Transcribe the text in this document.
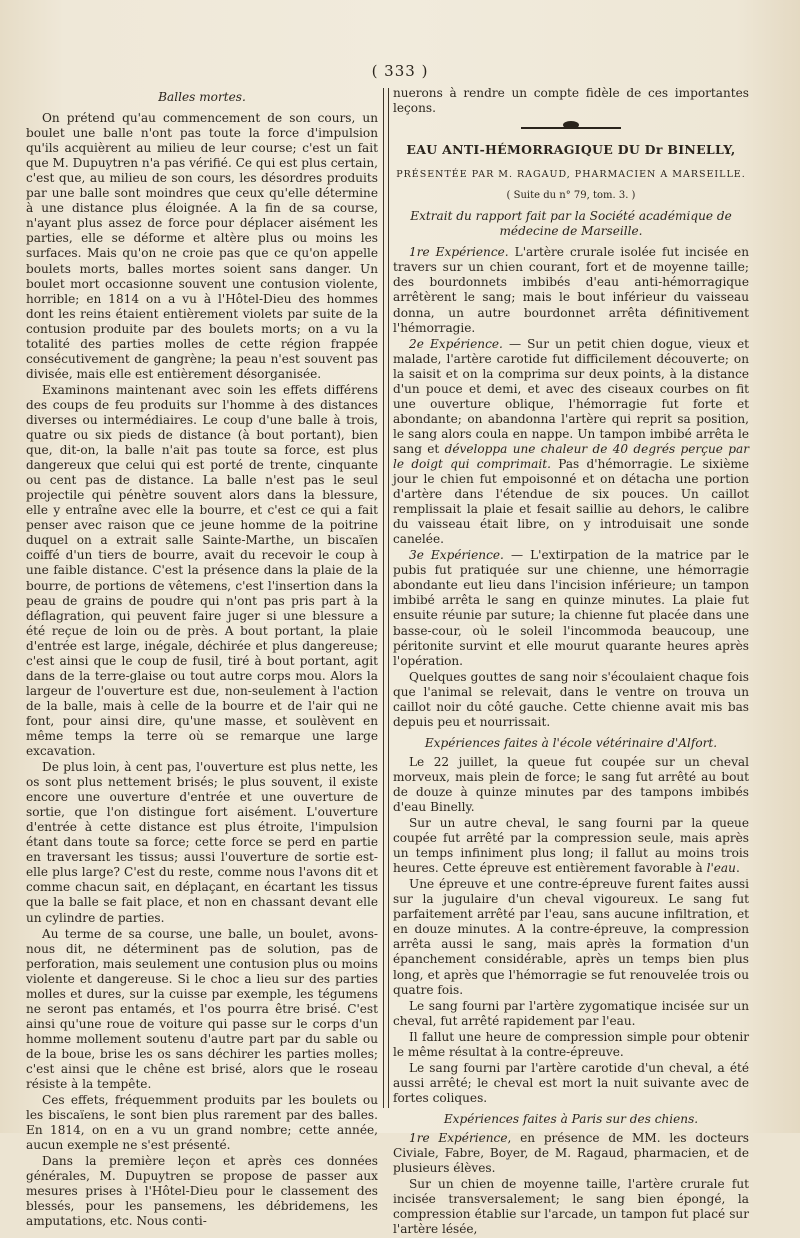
( 333 )
Balles mortes.

On prétend qu'au commencement de son cours, un boulet une balle n'ont pas toute la force d'impulsion qu'ils acquièrent au milieu de leur course; c'est un fait que M. Dupuytren n'a pas vérifié. Ce qui est plus certain, c'est que, au milieu de son cours, les désordres produits par une balle sont moindres que ceux qu'elle détermine à une distance plus éloignée. A la fin de sa course, n'ayant plus assez de force pour déplacer aisément les parties, elle se déforme et altère plus ou moins les surfaces. Mais qu'on ne croie pas que ce qu'on appelle boulets morts, balles mortes soient sans danger. Un boulet mort occasionne souvent une contusion violente, horrible; en 1814 on a vu à l'Hôtel-Dieu des hommes dont les reins étaient entièrement violets par suite de la contusion produite par des boulets morts; on a vu la totalité des parties molles de cette région frappée consécutivement de gangrène; la peau n'est souvent pas divisée, mais elle est entièrement désorganisée.

Examinons maintenant avec soin les effets différens des coups de feu produits sur l'homme à des distances diverses ou intermédiaires. Le coup d'une balle à trois, quatre ou six pieds de distance (à bout portant), bien que, dit-on, la balle n'ait pas toute sa force, est plus dangereux que celui qui est porté de trente, cinquante ou cent pas de distance. La balle n'est pas le seul projectile qui pénètre souvent alors dans la blessure, elle y entraîne avec elle la bourre, et c'est ce qui a fait penser avec raison que ce jeune homme de la poitrine duquel on a extrait salle Sainte-Marthe, un biscaïen coiffé d'un tiers de bourre, avait du recevoir le coup à une faible distance. C'est la présence dans la plaie de la bourre, de portions de vêtemens, c'est l'insertion dans la peau de grains de poudre qui n'ont pas pris part à la déflagration, qui peuvent faire juger si une blessure a été reçue de loin ou de près. A bout portant, la plaie d'entrée est large, inégale, déchirée et plus dangereuse; c'est ainsi que le coup de fusil, tiré à bout portant, agit dans de la terre-glaise ou tout autre corps mou. Alors la largeur de l'ouverture est due, non-seulement à l'action de la balle, mais à celle de la bourre et de l'air qui ne font, pour ainsi dire, qu'une masse, et soulèvent en même temps la terre où se remarque une large excavation.

De plus loin, à cent pas, l'ouverture est plus nette, les os sont plus nettement brisés; le plus souvent, il existe encore une ouverture d'entrée et une ouverture de sortie, que l'on distingue fort aisément. L'ouverture d'entrée à cette distance est plus étroite, l'impulsion étant dans toute sa force; cette force se perd en partie en traversant les tissus; aussi l'ouverture de sortie est-elle plus large? C'est du reste, comme nous l'avons dit et comme chacun sait, en déplaçant, en écartant les tissus que la balle se fait place, et non en chassant devant elle un cylindre de parties.

Au terme de sa course, une balle, un boulet, avons-nous dit, ne déterminent pas de solution, pas de perforation, mais seulement une contusion plus ou moins violente et dangereuse. Si le choc a lieu sur des parties molles et dures, sur la cuisse par exemple, les tégumens ne seront pas entamés, et l'os pourra être brisé. C'est ainsi qu'une roue de voiture qui passe sur le corps d'un homme mollement soutenu d'autre part par du sable ou de la boue, brise les os sans déchirer les parties molles; c'est ainsi que le chêne est brisé, alors que le roseau résiste à la tempête.

Ces effets, fréquemment produits par les boulets ou les biscaïens, le sont bien plus rarement par des balles. En 1814, on en a vu un grand nombre; cette année, aucun exemple ne s'est présenté.

Dans la première leçon et après ces données générales, M. Dupuytren se propose de passer aux mesures prises à l'Hôtel-Dieu pour le classement des blessés, pour les pansemens, les débridemens, les amputations, etc. Nous conti-

nuerons à rendre un compte fidèle de ces importantes leçons.

EAU ANTI-HÉMORRAGIQUE DU Dr BINELLY,
PRÉSENTÉE PAR M. RAGAUD, PHARMACIEN A MARSEILLE.
( Suite du n° 79, tom. 3. )
Extrait du rapport fait par la Société académique de médecine de Marseille.

1re Expérience. L'artère crurale isolée fut incisée en travers sur un chien courant, fort et de moyenne taille; des bourdonnets imbibés d'eau anti-hémorragique arrêtèrent le sang; mais le bout inférieur du vaisseau donna, un autre bourdonnet arrêta définitivement l'hémorragie.

2e Expérience. — Sur un petit chien dogue, vieux et malade, l'artère carotide fut difficilement découverte; on la saisit et on la comprima sur deux points, à la distance d'un pouce et demi, et avec des ciseaux courbes on fit une ouverture oblique, l'hémorragie fut forte et abondante; on abandonna l'artère qui reprit sa position, le sang alors coula en nappe. Un tampon imbibé arrêta le sang et développa une chaleur de 40 degrés perçue par le doigt qui comprimait. Pas d'hémorragie. Le sixième jour le chien fut empoisonné et on détacha une portion d'artère dans l'étendue de six pouces. Un caillot remplissait la plaie et fesait saillie au dehors, le calibre du vaisseau était libre, on y introduisait une sonde canelée.

3e Expérience. — L'extirpation de la matrice par le pubis fut pratiquée sur une chienne, une hémorragie abondante eut lieu dans l'incision inférieure; un tampon imbibé arrêta le sang en quinze minutes. La plaie fut ensuite réunie par suture; la chienne fut placée dans une basse-cour, où le soleil l'incommoda beaucoup, une péritonite survint et elle mourut quarante heures après l'opération.

Quelques gouttes de sang noir s'écoulaient chaque fois que l'animal se relevait, dans le ventre on trouva un caillot noir du côté gauche. Cette chienne avait mis bas depuis peu et nourrissait.

Expériences faites à l'école vétérinaire d'Alfort.

Le 22 juillet, la queue fut coupée sur un cheval morveux, mais plein de force; le sang fut arrêté au bout de douze à quinze minutes par des tampons imbibés d'eau Binelly.

Sur un autre cheval, le sang fourni par la queue coupée fut arrêté par la compression seule, mais après un temps infiniment plus long; il fallut au moins trois heures. Cette épreuve est entièrement favorable à l'eau.

Une épreuve et une contre-épreuve furent faites aussi sur la jugulaire d'un cheval vigoureux. Le sang fut parfaitement arrêté par l'eau, sans aucune infiltration, et en douze minutes. A la contre-épreuve, la compression arrêta aussi le sang, mais après la formation d'un épanchement considérable, après un temps bien plus long, et après que l'hémorragie se fut renouvelée trois ou quatre fois.

Le sang fourni par l'artère zygomatique incisée sur un cheval, fut arrêté rapidement par l'eau.

Il fallut une heure de compression simple pour obtenir le même résultat à la contre-épreuve.

Le sang fourni par l'artère carotide d'un cheval, a été aussi arrêté; le cheval est mort la nuit suivante avec de fortes coliques.

Expériences faites à Paris sur des chiens.

1re Expérience, en présence de MM. les docteurs Civiale, Fabre, Boyer, de M. Ragaud, pharmacien, et de plusieurs élèves.

Sur un chien de moyenne taille, l'artère crurale fut incisée transversalement; le sang bien épongé, la compression établie sur l'arcade, un tampon fut placé sur l'artère lésée,
